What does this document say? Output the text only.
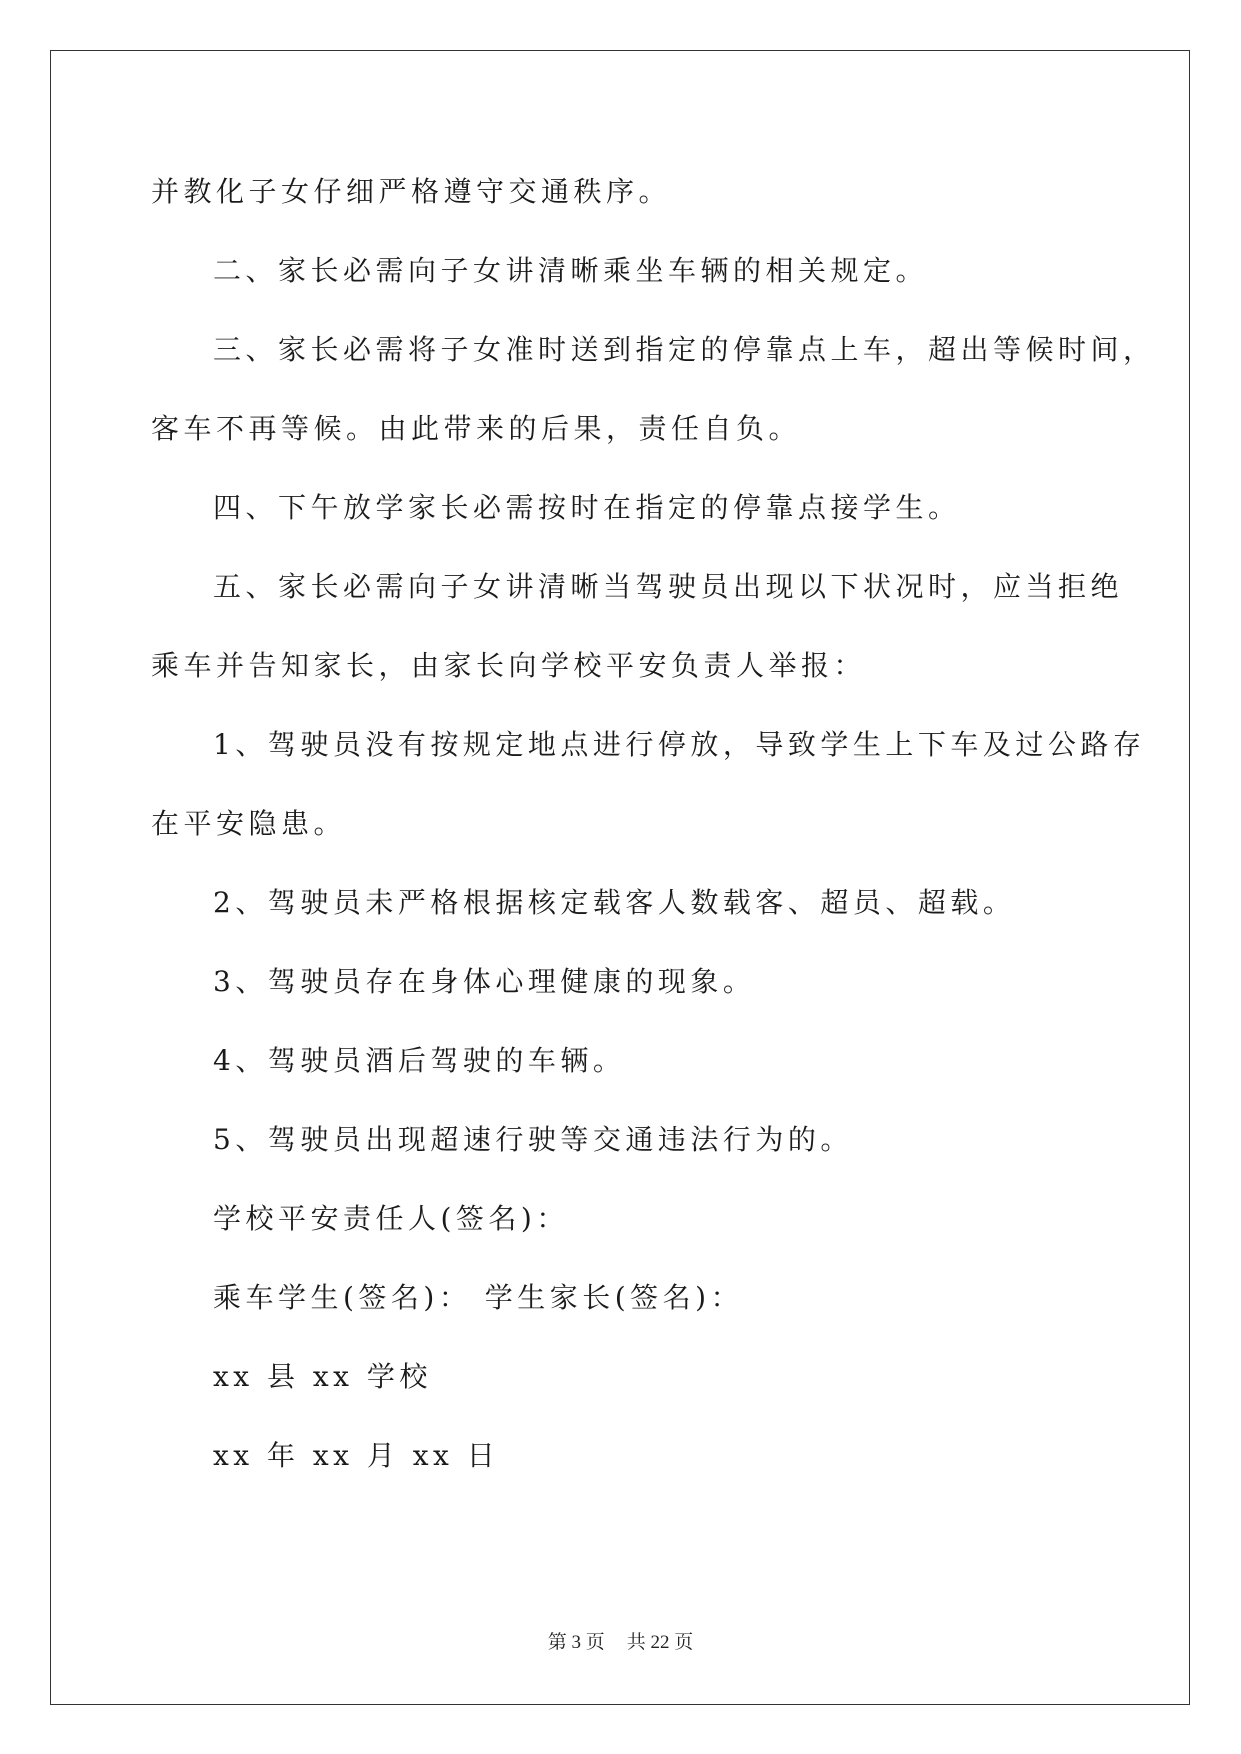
并教化子女仔细严格遵守交通秩序。
二、家长必需向子女讲清晰乘坐车辆的相关规定。
三、家长必需将子女准时送到指定的停靠点上车，超出等候时间，
客车不再等候。由此带来的后果，责任自负。
四、下午放学家长必需按时在指定的停靠点接学生。
五、家长必需向子女讲清晰当驾驶员出现以下状况时，应当拒绝
乘车并告知家长，由家长向学校平安负责人举报：
1、驾驶员没有按规定地点进行停放，导致学生上下车及过公路存
在平安隐患。
2、驾驶员未严格根据核定载客人数载客、超员、超载。
3、驾驶员存在身体心理健康的现象。
4、驾驶员酒后驾驶的车辆。
5、驾驶员出现超速行驶等交通违法行为的。
学校平安责任人(签名)：
乘车学生(签名)： 学生家长(签名)：
xx 县 xx 学校
xx 年 xx 月 xx 日
第 3 页 共 22 页
